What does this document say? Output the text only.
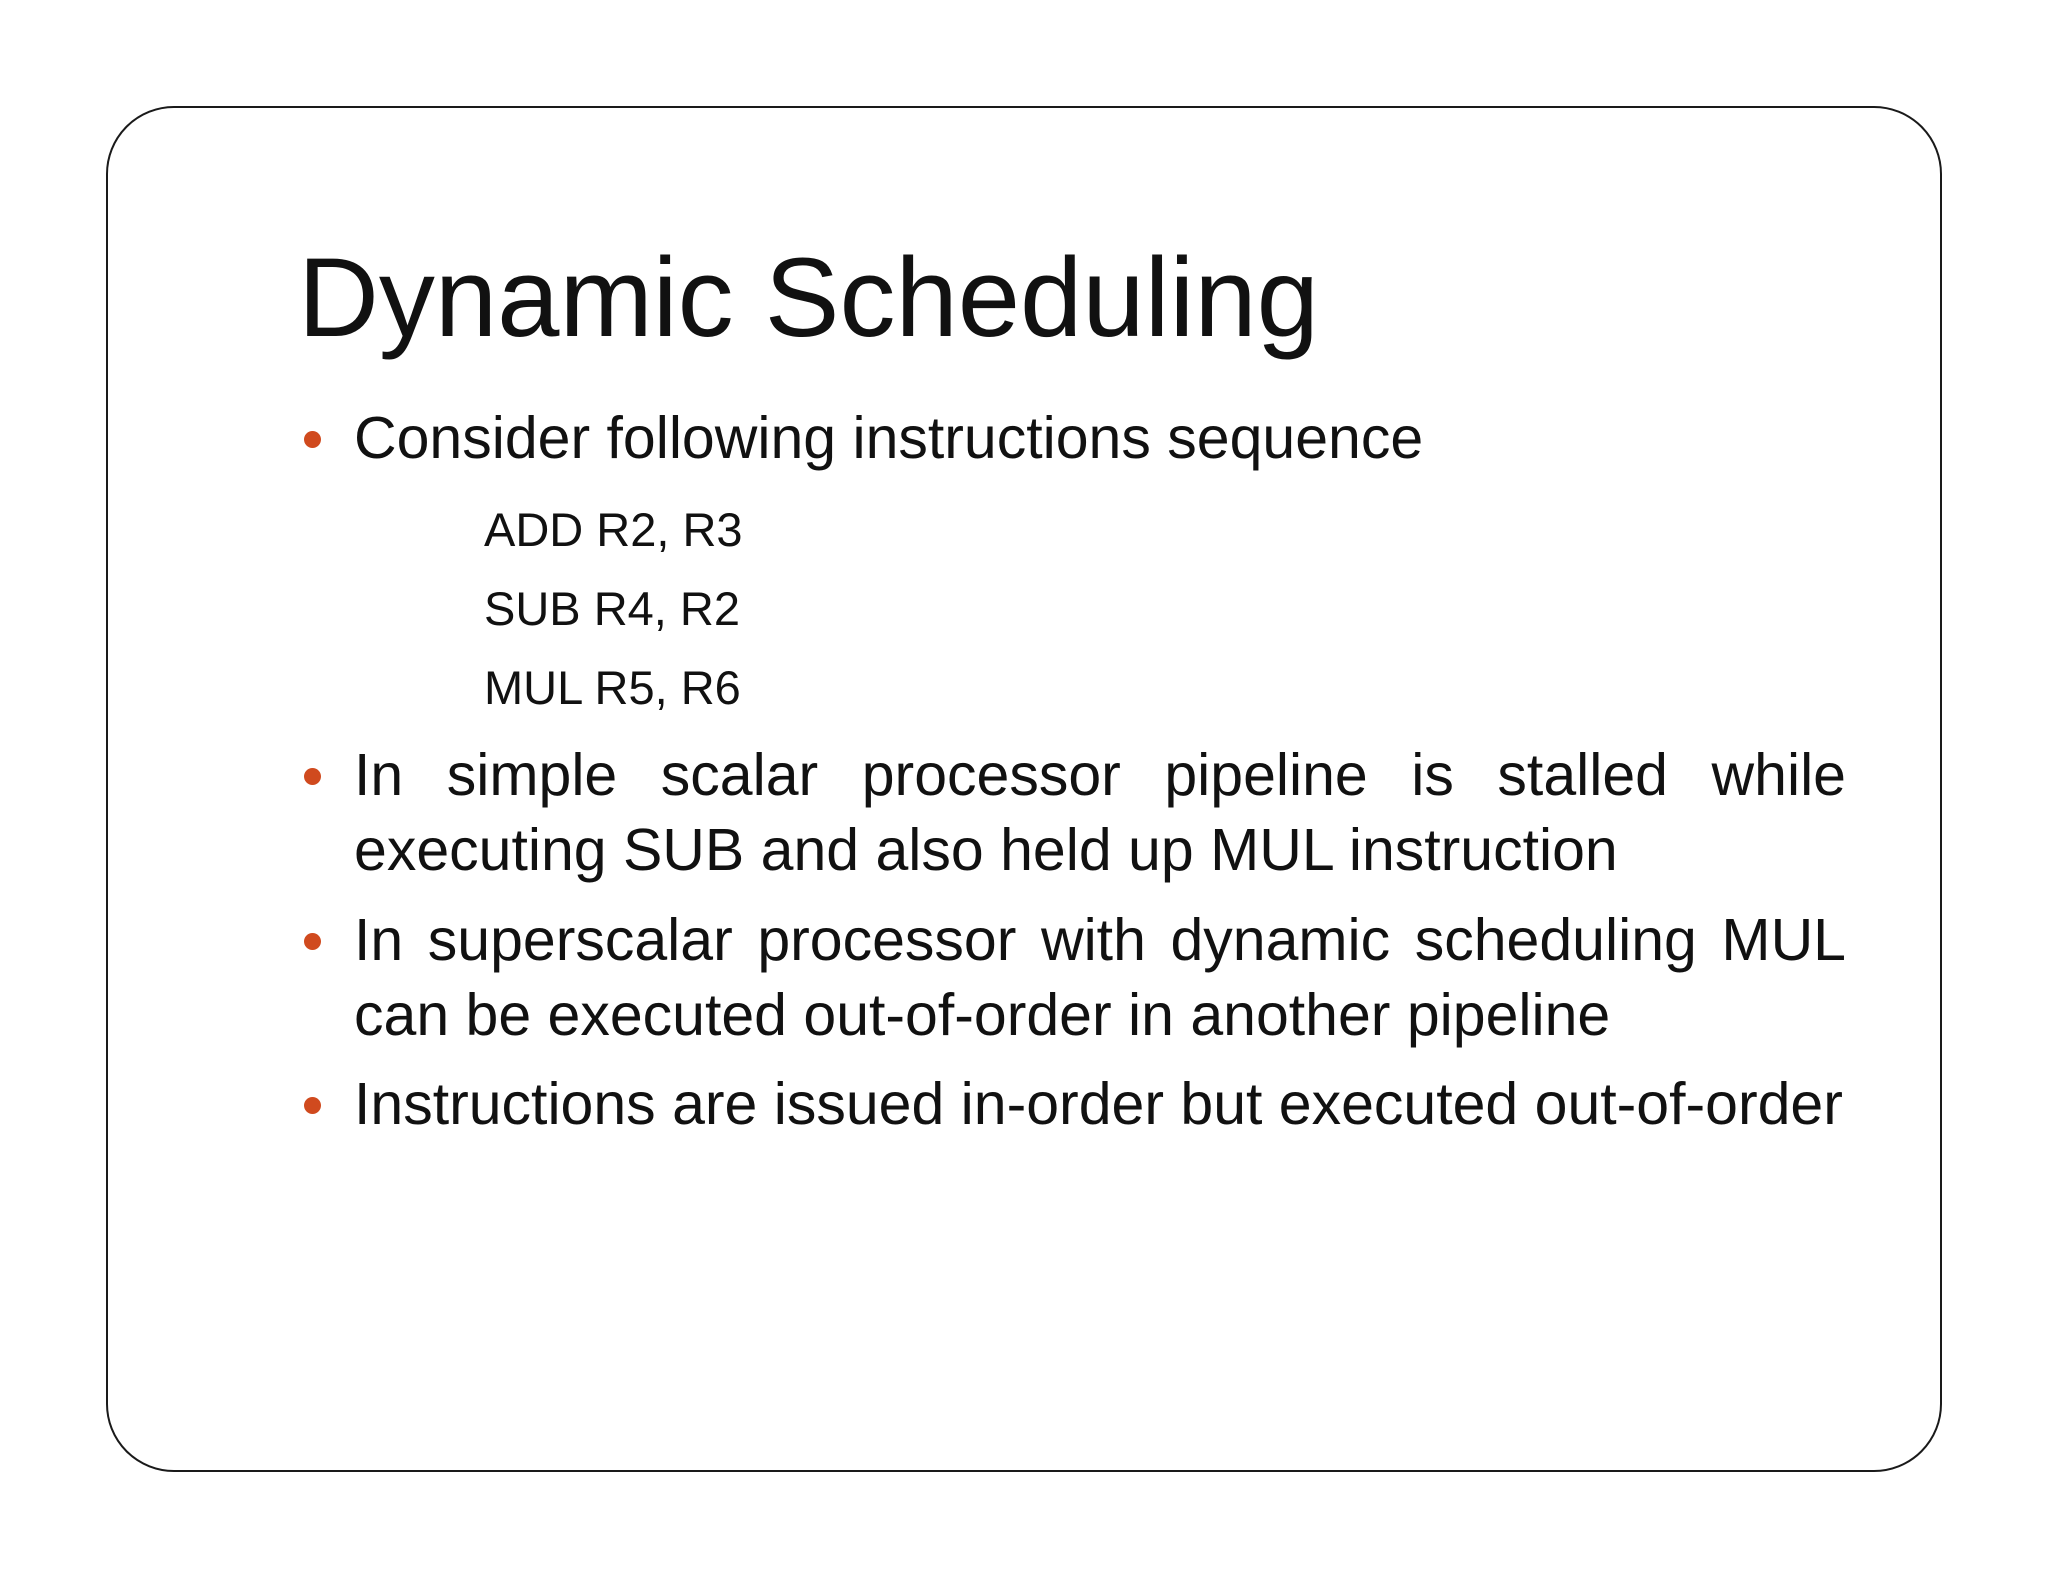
Dynamic Scheduling
Consider following instructions sequence
ADD R2, R3
SUB R4, R2
MUL R5, R6
In simple scalar processor pipeline is stalled while executing SUB and also held up MUL instruction
In superscalar processor with dynamic scheduling MUL can be executed out-of-order in another pipeline
Instructions are issued in-order but executed out-of-order
